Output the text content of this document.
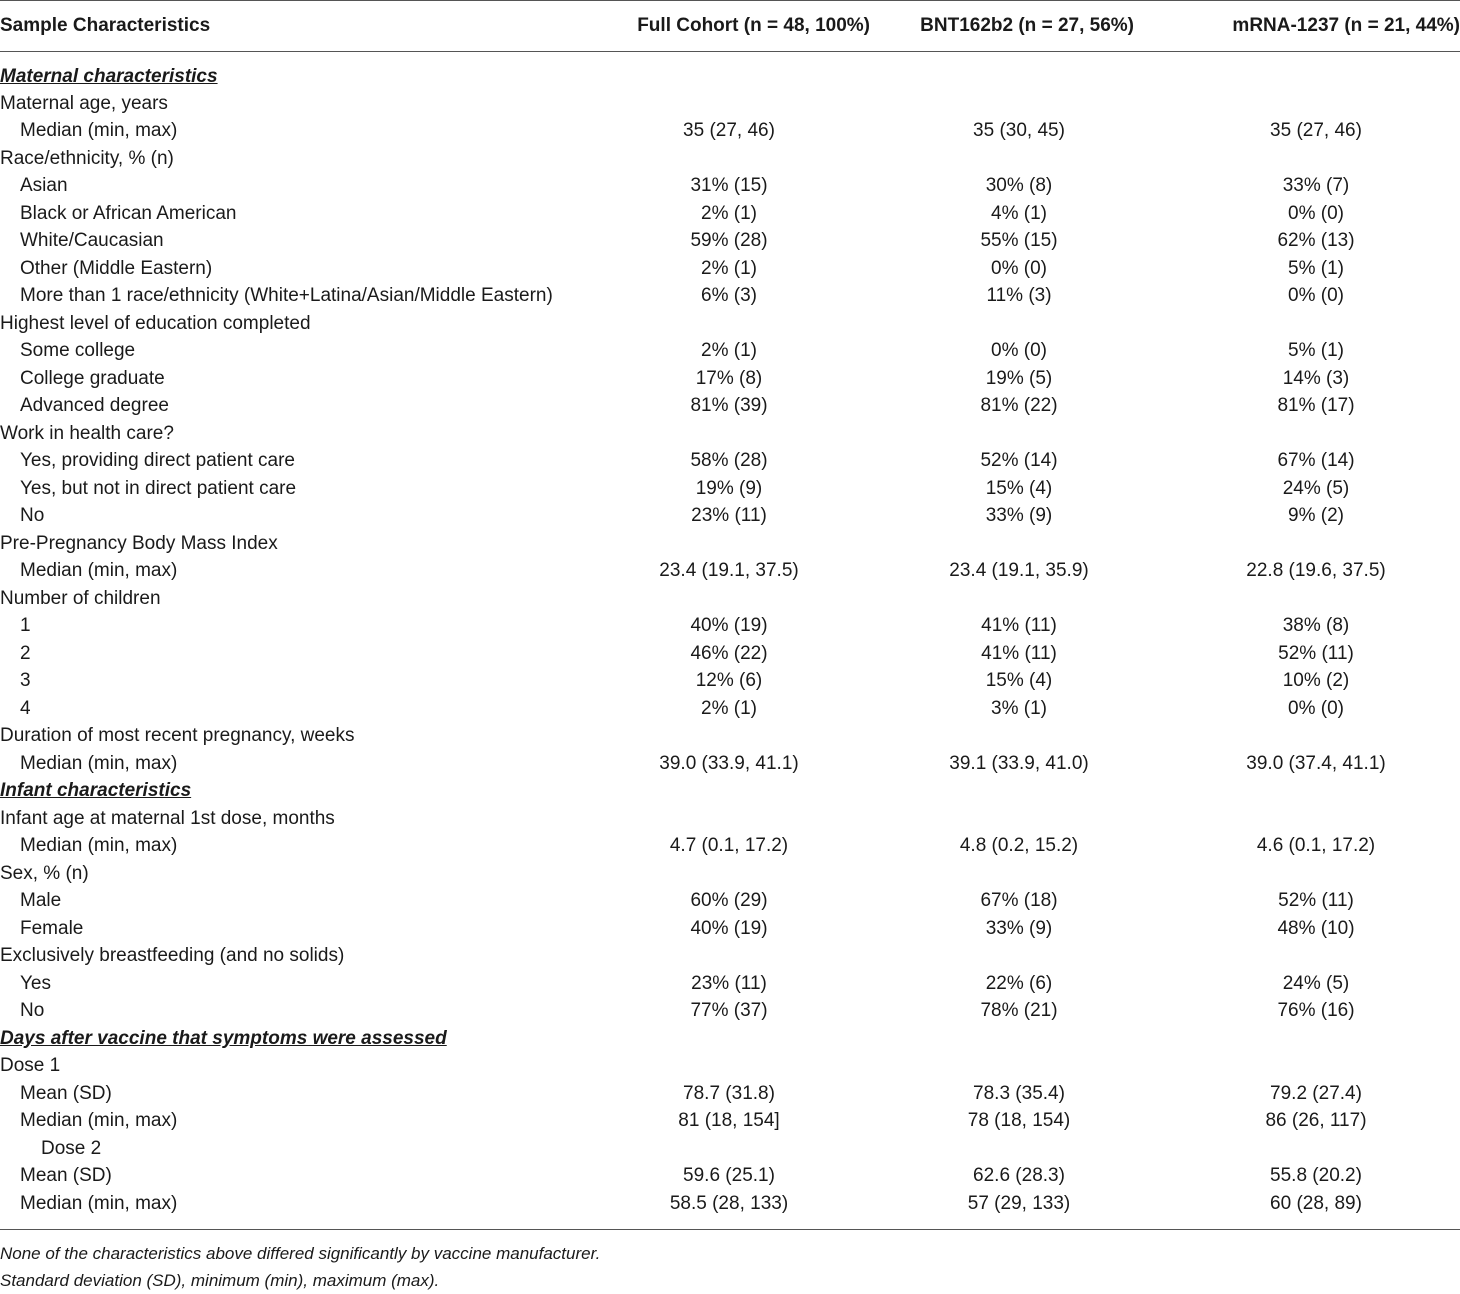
Sample Characteristics	Full Cohort (n = 48, 100%)	BNT162b2 (n = 27, 56%)	mRNA-1237 (n = 21, 44%)
Maternal characteristics			
Maternal age, years			
Median (min, max)	35 (27, 46)	35 (30, 45)	35 (27, 46)
Race/ethnicity, % (n)			
Asian	31% (15)	30% (8)	33% (7)
Black or African American	2% (1)	4% (1)	0% (0)
White/Caucasian	59% (28)	55% (15)	62% (13)
Other (Middle Eastern)	2% (1)	0% (0)	5% (1)
More than 1 race/ethnicity (White+Latina/Asian/Middle Eastern)	6% (3)	11% (3)	0% (0)
Highest level of education completed			
Some college	2% (1)	0% (0)	5% (1)
College graduate	17% (8)	19% (5)	14% (3)
Advanced degree	81% (39)	81% (22)	81% (17)
Work in health care?			
Yes, providing direct patient care	58% (28)	52% (14)	67% (14)
Yes, but not in direct patient care	19% (9)	15% (4)	24% (5)
No	23% (11)	33% (9)	9% (2)
Pre-Pregnancy Body Mass Index			
Median (min, max)	23.4 (19.1, 37.5)	23.4 (19.1, 35.9)	22.8 (19.6, 37.5)
Number of children			
1	40% (19)	41% (11)	38% (8)
2	46% (22)	41% (11)	52% (11)
3	12% (6)	15% (4)	10% (2)
4	2% (1)	3% (1)	0% (0)
Duration of most recent pregnancy, weeks			
Median (min, max)	39.0 (33.9, 41.1)	39.1 (33.9, 41.0)	39.0 (37.4, 41.1)
Infant characteristics			
Infant age at maternal 1st dose, months			
Median (min, max)	4.7 (0.1, 17.2)	4.8 (0.2, 15.2)	4.6 (0.1, 17.2)
Sex, % (n)			
Male	60% (29)	67% (18)	52% (11)
Female	40% (19)	33% (9)	48% (10)
Exclusively breastfeeding (and no solids)			
Yes	23% (11)	22% (6)	24% (5)
No	77% (37)	78% (21)	76% (16)
Days after vaccine that symptoms were assessed			
Dose 1			
Mean (SD)	78.7 (31.8)	78.3 (35.4)	79.2 (27.4)
Median (min, max)	81 (18, 154]	78 (18, 154)	86 (26, 117)
Dose 2			
Mean (SD)	59.6 (25.1)	62.6 (28.3)	55.8 (20.2)
Median (min, max)	58.5 (28, 133)	57 (29, 133)	60 (28, 89)
None of the characteristics above differed significantly by vaccine manufacturer.
Standard deviation (SD), minimum (min), maximum (max).
